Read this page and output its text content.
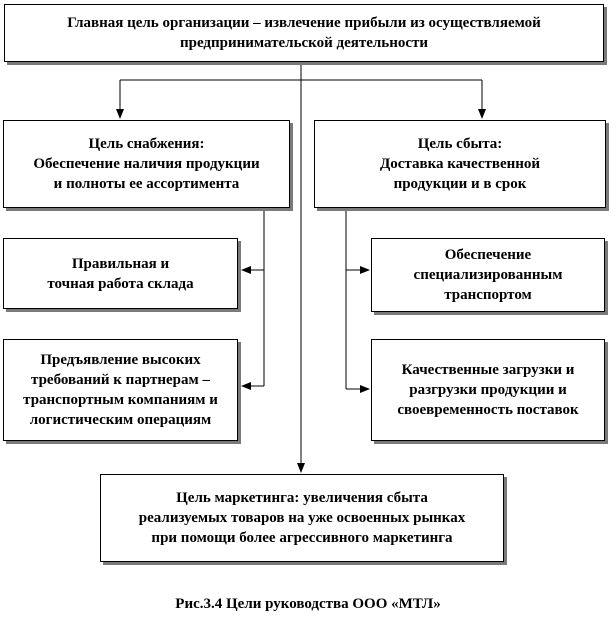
Главная цель организации – извлечение прибыли из осуществляемой
предпринимательской деятельности
Цель снабжения:
Обеспечение наличия продукции
и полноты ее ассортимента
Цель сбыта:
Доставка качественной
продукции и в срок
Правильная и
точная работа склада
Предъявление высоких
требований к партнерам –
транспортным компаниям и
логистическим операциям
Обеспечение
специализированным
транспортом
Качественные загрузки и
разгрузки продукции и
своевременность поставок
Цель маркетинга: увеличения сбыта
реализуемых товаров на уже освоенных рынках
при помощи более агрессивного маркетинга
Рис.3.4 Цели руководства ООО «МТЛ»
